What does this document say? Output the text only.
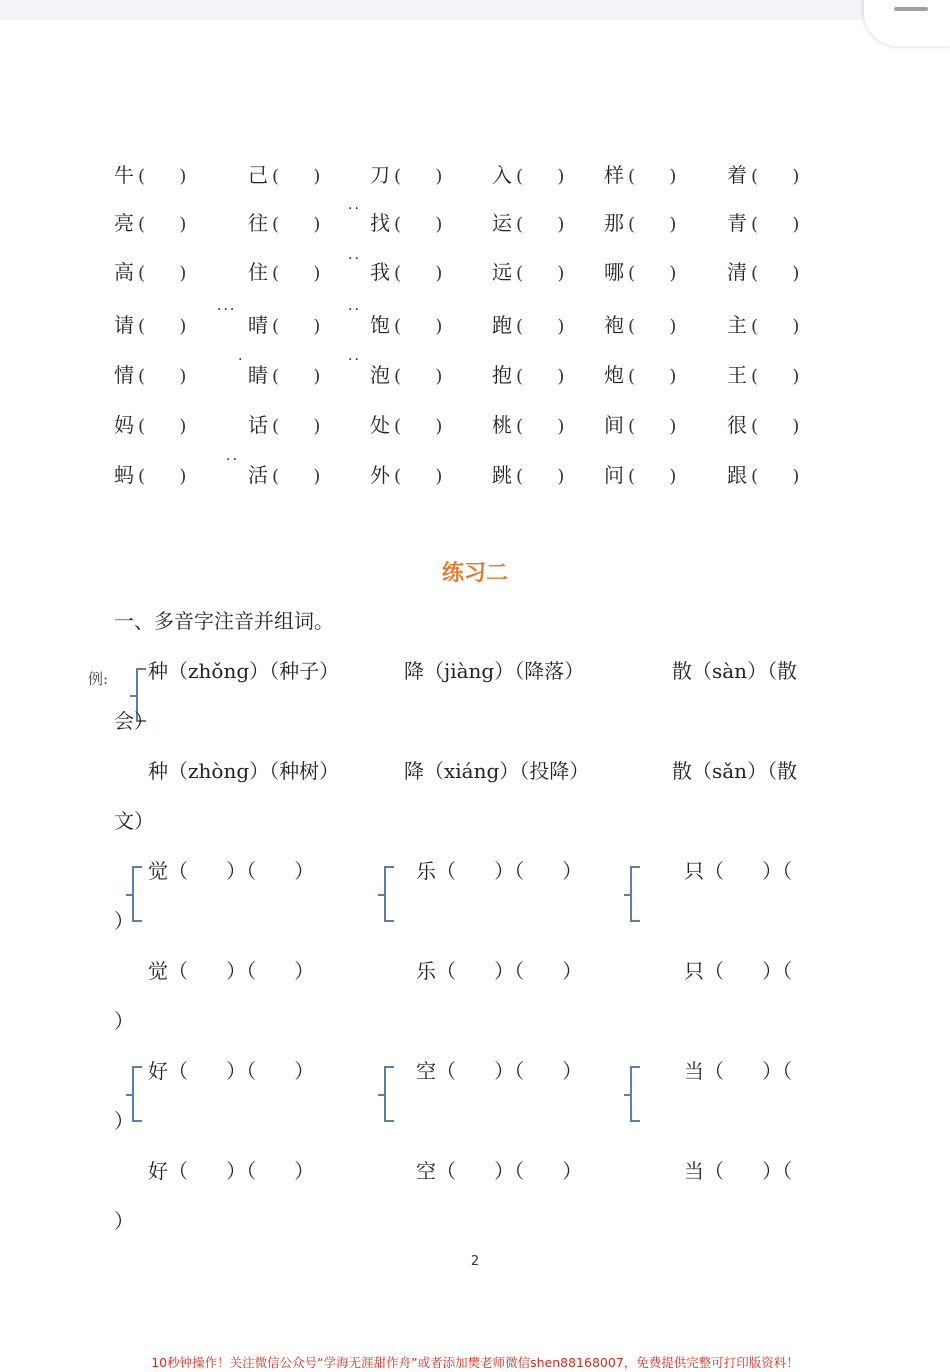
牛 (      )	己 (      ) 刀 (      ) 入 (      ) 样 (      )	着 (      )
亮 (      )	往 (      ) 找 (      ) 运 (      ) 那 (      )	青 (      )
高 (      )	住 (      ) 我 (      ) 远 (      ) 哪 (      )	清 (      )
请 (      )	晴 (      ) 饱 (      ) 跑 (      ) 袍 (      )	主 (      )
情 (      )	睛 (      ) 泡 (      ) 抱 (      ) 炮 (      )	王 (      )
妈 (      )	话 (      ) 处 (      ) 桃 (      ) 间 (      )	很 (      )
蚂 (      )	活 (      ) 外 (      ) 跳 (      ) 问 (      )	跟 (      )
..
..
...	..
.	..
..
练习二
一、多音字注音并组词。
例: 种（zhǒng）（种子）	降（jiàng）（降落）	散（sàn）（散
会）
种（zhòng）（种树）	降（xiáng）（投降）	散（sǎn）（散
文）
觉（      ）（      ）	乐（      ）（      ）	只（      ）（
）
觉（      ）（      ）	乐（      ）（      ）	只（      ）（
）
好（      ）（      ）	空（      ）（      ）	当（      ）（
）
好（      ）（      ）	空（      ）（      ）	当（      ）（
）
2
10秒钟操作！关注微信公众号“学海无涯甜作舟”或者添加樊老师微信shen88168007，免费提供完整可打印版资料！
